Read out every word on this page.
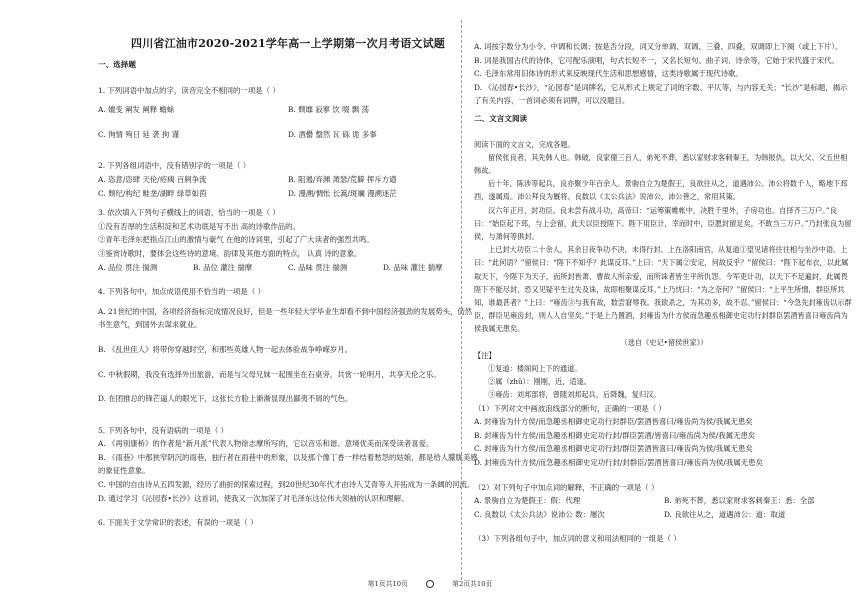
四川省江油市2020-2021学年高一上学期第一次月考语文试题
一、选择题

1. 下列词语中加点的字，读音完全不相同的一项是（ ）

A. 嬗变 阐发 阐释 蟾蜍	B. 颓靡 寂寥 饮 啜 飘 荡
C. 徇情 殉日 延 袭 拘 谨	D. 酒罍 罄然 瓦 砾 诡 多事

2. 下列各组词语中，没有错别字的一项是（ ）

A. 恣意/恣肆 天伦/疮痍 百舸争流	B. 阻遏/弃渊 萧瑟/荒僻 挥斥方遒
C. 颓纪/构纪 畦垄/湖畔 绿草如茵	D. 漫溯/惆怅 长篙/斑斓 漫溯迷茫

3. 依次填入下列句子横线上的词语，恰当的一项是（ ）

①没有否厚的生活积淀和艺术功底是写不出 高的诗歌作品的。

②青年毛泽东把指点江山的激情与豪气 在他的诗词里，引起了广大读者的强烈共鸣。

③鉴赏诗歌时，要体会这些诗的意境、韵律及其他方面的特点， 认真 诗的意象。

A. 品位 贯注 揣测	B. 品位 灌注 揣摩	C. 品味 贯注 揣测	D. 品味 灌注 揣摩

4. 下列各句中，加点成语使用不恰当的一项是（ ）

A. 21世纪的中国，各项经济指标完成情况良好，但是一些年轻大学毕业生却看不到中国经济强劲的发展势头，仍然书生意气，到国外去谋求就业。

B. 《乱世佳人》将带你穿越时空，和那些英雄人物一起去体验战争峥嵘岁月。

C. 中秋假期，我没有选择外出旅游，而是与父母兄妹一起围坐在石桌旁，共赏一轮明月，共享天伦之乐。

D. 在团推总的锋芒逼人的眼光下，这张长方脸上渐渐显现出鄙夷不屑的气色。

5. 下列各句中，没有语病的一项是（ ）

A. 《再别康桥》的作者是“新月派”代表人物徐志摩所写的，它以音乐和谐、意境优美而深受读者喜爱。

B. 《雨巷》中那狭窄阴沉的雨巷，独行者在雨巷中的形象，以及那个像丁香一样结着愁怨的姑娘，都是给人朦胧美感的象征性意象。

C. 中国的自由诗从五四发源，经历了曲折的探索过程，到20世纪30年代才由诗人艾青等人开拓成为一条阔的河流。

D. 通过学习《沁园春•长沙》这首词，使我又一次加深了对毛泽东这位伟大领袖的认识和理解。

6. 下面关于文学常识的表述，有误的一项是（ ）

A. 词按字数分为小令、中调和长调；按是否分段，词又分单调、双调、三叠、四叠，双调即上下阕（或上下片）。

B. 词是我国古代的诗体，它可配乐演唱，句式长短不一，又名长短句、曲子词、诗余等，它始于宋代盛于宋代。

C. 毛泽东常用旧体诗的形式来反映现代生活和思想感情，这类诗歌属于现代诗歌。

D. 《沁园春•长沙》，“沁园春”是词牌名，它从形式上规定了词的字数、平仄等，与内容无关；“长沙”是标题，揭示了有关内容，一首词必须有词牌，可以没题目。

二、文言文阅读

阅读下面的文言文，完成各题。

留侯张良者，其先韩人也。韩破，良家僮三百人，弟死不葬，悉以家财求客刺秦王，为韩报仇，以大父、父五世相韩故。

后十年，陈涉等起兵，良亦聚少年百余人。景驹自立为楚假王，良欲往从之，道遇沛公。沛公将数千人，略地下邳西，遂属焉。沛公拜良为厩将。良数以《太公兵法》说沛公，沛公善之，常用其策。

汉六年正月，封功臣。良未尝有战斗功，高帝曰：“运筹策帷帐中，决胜千里外，子房功也。自择齐三万户。”良曰：“始臣起下邳，与上会留，此天以臣授陛下。陛下用臣计，幸而时中，臣愿封留足矣，不敢当三万户。”乃封张良为留侯，与萧何等俱封。

上已封大功臣二十余人，其余日夜争功不决，未得行封。上在洛阳南宫，从复道①望见诸将往往相与坐沙中语。上曰：“此何语？”留侯曰：“陛下不知乎？此谋反耳。”上曰：“天下属②安定，何故反乎？”留侯曰：“陛下起布衣，以此属取天下，今陛下为天子，而所封皆萧、曹故人所亲爱，而所诛者皆生平所仇怨。今军吏计功，以天下不足遍封，此属畏陛下不能尽封，恐又见疑平生过失及诛，故即相聚谋反耳。”上乃忧曰：“为之奈何？”留侯曰：“上平生所憎，群臣所共知，谁最甚者？”上曰：“雍齿③与我有故，数尝窘辱我。我欲杀之，为其功多，故不忍。”留侯曰：“今急先封雍齿以示群臣，群臣见雍齿封，则人人自坚矣。”于是上乃置酒，封雍齿为什方侯而急趣丞相御史定功行封群臣罢酒皆喜曰雍齿尚为侯我属无患矣。

（选自《史记•留侯世家》）

【注】

①复道：楼阁间上下的通道。

②属（zhǔ）：刚刚，近，适逢。

③雍齿：刘邦部将，曾随刘邦起兵，后降魏，复归汉。

（1）下列对文中画波浪线部分的断句，正确的一项是（ ）

A. 封雍齿为什方侯/而急趣丞相御史定功行封群臣/罢酒皆喜曰/雍齿尚为侯/我属无患矣

B. 封雍齿为什方侯/而急趣丞相御史定功行封/群臣罢酒/皆喜曰/雍齿尚为侯/我属无患矣

C. 封雍齿为什方侯/而急趣丞相御史定功行封/群臣罢酒皆喜曰/雍齿尚为侯/我属无患矣

D. 封雍齿为什方侯/而急趣丞相御史定功行封/封群臣/罢酒皆喜曰/雍齿尚为侯/我属无患矣

（2）对下列句子中加点词的解释，不正确的一项是（ ）

A. 景驹自立为楚假王：假：代理	B. 弟死不葬，悉以家财求客刺秦王：悉：全部
C. 良数以《太公兵法》说沛公 数：屡次	D. 良欲往从之，道遇沛公：道：取道

（3）下列各组句子中，加点词的意义和用法相同的一组是（ ）

第1页共10页	第2页共10页
